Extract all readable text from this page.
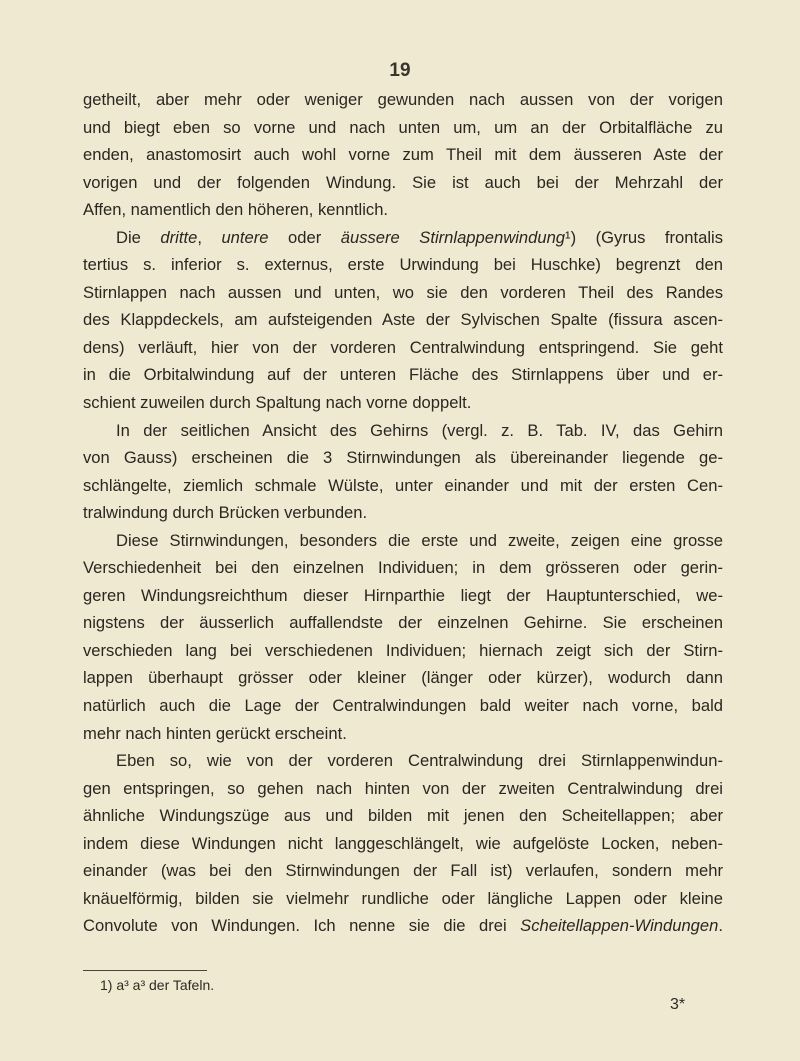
19
getheilt, aber mehr oder weniger gewunden nach aussen von der vorigen
und biegt eben so vorne und nach unten um, um an der Orbitalfläche zu
enden, anastomosirt auch wohl vorne zum Theil mit dem äusseren Aste der
vorigen und der folgenden Windung. Sie ist auch bei der Mehrzahl der
Affen, namentlich den höheren, kenntlich.
Die dritte, untere oder äussere Stirnlappenwindung¹) (Gyrus frontalis
tertius s. inferior s. externus, erste Urwindung bei Huschke) begrenzt den
Stirnlappen nach aussen und unten, wo sie den vorderen Theil des Randes
des Klappdeckels, am aufsteigenden Aste der Sylvischen Spalte (fissura ascen-
dens) verläuft, hier von der vorderen Centralwindung entspringend. Sie geht
in die Orbitalwindung auf der unteren Fläche des Stirnlappens über und er-
schient zuweilen durch Spaltung nach vorne doppelt.
In der seitlichen Ansicht des Gehirns (vergl. z. B. Tab. IV, das Gehirn
von Gauss) erscheinen die 3 Stirnwindungen als übereinander liegende ge-
schlängelte, ziemlich schmale Wülste, unter einander und mit der ersten Cen-
tralwindung durch Brücken verbunden.
Diese Stirnwindungen, besonders die erste und zweite, zeigen eine grosse
Verschiedenheit bei den einzelnen Individuen; in dem grösseren oder gerin-
geren Windungsreichthum dieser Hirnparthie liegt der Hauptunterschied, we-
nigstens der äusserlich auffallendste der einzelnen Gehirne. Sie erscheinen
verschieden lang bei verschiedenen Individuen; hiernach zeigt sich der Stirn-
lappen überhaupt grösser oder kleiner (länger oder kürzer), wodurch dann
natürlich auch die Lage der Centralwindungen bald weiter nach vorne, bald
mehr nach hinten gerückt erscheint.
Eben so, wie von der vorderen Centralwindung drei Stirnlappenwindun-
gen entspringen, so gehen nach hinten von der zweiten Centralwindung drei
ähnliche Windungszüge aus und bilden mit jenen den Scheitellappen; aber
indem diese Windungen nicht langgeschlängelt, wie aufgelöste Locken, neben-
einander (was bei den Stirnwindungen der Fall ist) verlaufen, sondern mehr
knäuelförmig, bilden sie vielmehr rundliche oder längliche Lappen oder kleine
Convolute von Windungen. Ich nenne sie die drei Scheitellappen-Windungen.
1) a³ a³ der Tafeln.
3*
